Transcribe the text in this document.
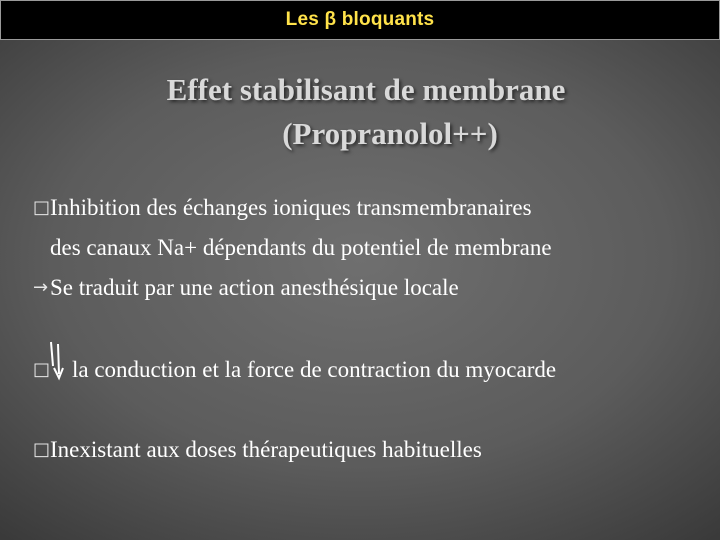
Les β bloquants
Effet stabilisant de membrane
(Propranolol++)
□ Inhibition des échanges ioniques transmembranaires
des canaux Na+ dépendants du potentiel de membrane
→ Se traduit par une action anesthésique locale
□ la conduction et la force de contraction du myocarde
□ Inexistant aux doses thérapeutiques habituelles
